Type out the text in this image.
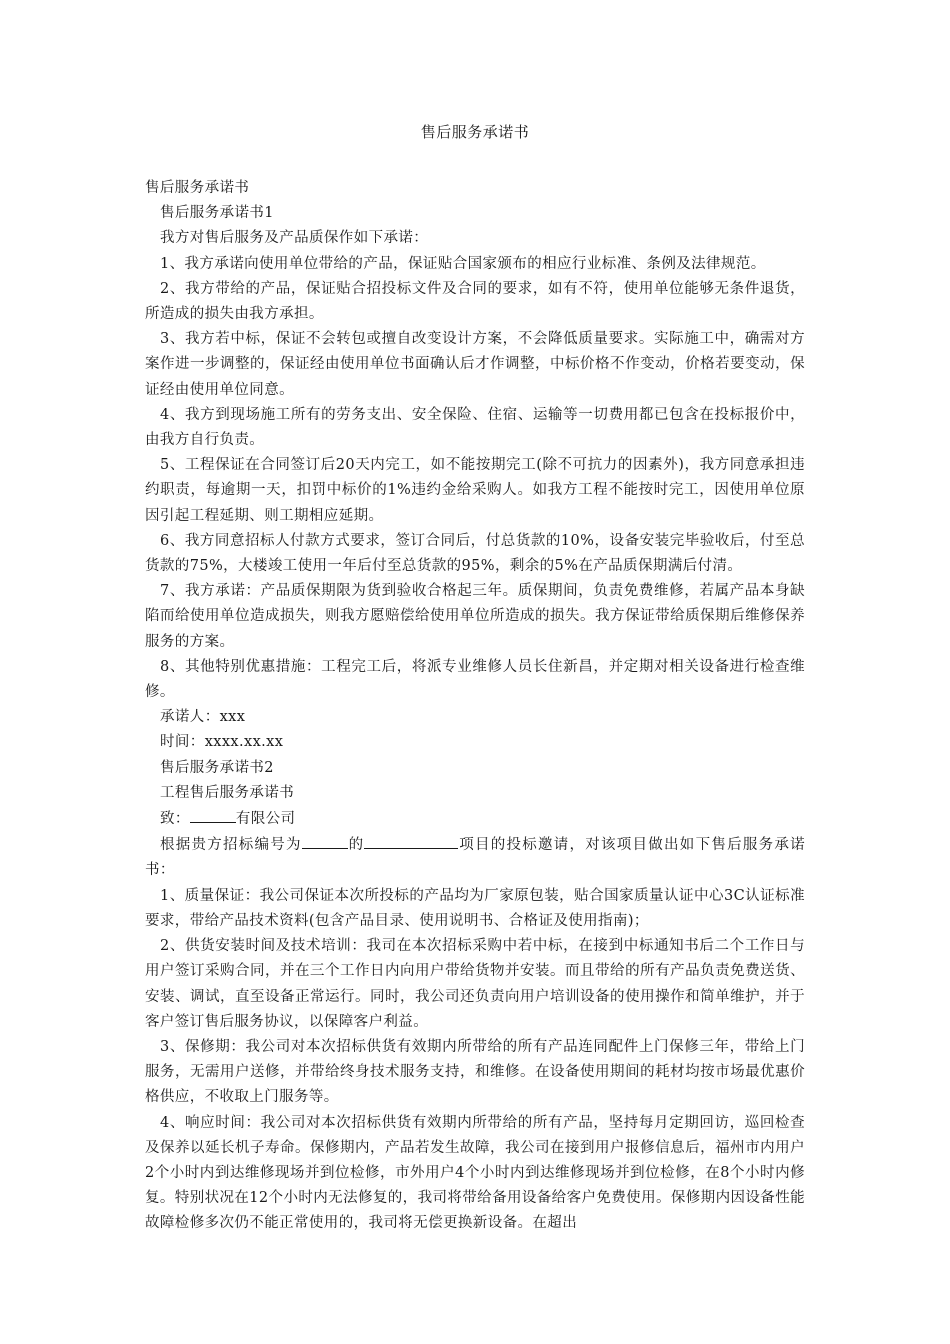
售后服务承诺书

售后服务承诺书

售后服务承诺书1

我方对售后服务及产品质保作如下承诺：

1、我方承诺向使用单位带给的产品，保证贴合国家颁布的相应行业标准、条例及法律规范。

2、我方带给的产品，保证贴合招投标文件及合同的要求，如有不符，使用单位能够无条件退货，所造成的损失由我方承担。

3、我方若中标，保证不会转包或擅自改变设计方案，不会降低质量要求。实际施工中，确需对方案作进一步调整的，保证经由使用单位书面确认后才作调整，中标价格不作变动，价格若要变动，保证经由使用单位同意。

4、我方到现场施工所有的劳务支出、安全保险、住宿、运输等一切费用都已包含在投标报价中，由我方自行负责。

5、工程保证在合同签订后20天内完工，如不能按期完工(除不可抗力的因素外)，我方同意承担违约职责，每逾期一天，扣罚中标价的1%违约金给采购人。如我方工程不能按时完工，因使用单位原因引起工程延期、则工期相应延期。

6、我方同意招标人付款方式要求，签订合同后，付总货款的10%，设备安装完毕验收后，付至总货款的75%，大楼竣工使用一年后付至总货款的95%，剩余的5%在产品质保期满后付清。

7、我方承诺：产品质保期限为货到验收合格起三年。质保期间，负责免费维修，若属产品本身缺陷而给使用单位造成损失，则我方愿赔偿给使用单位所造成的损失。我方保证带给质保期后维修保养服务的方案。

8、其他特别优惠措施：工程完工后，将派专业维修人员长住新昌，并定期对相关设备进行检查维修。

承诺人：xxx

时间：xxxx.xx.xx

售后服务承诺书2

工程售后服务承诺书

致：	有限公司

根据贵方招标编号为	的	项目的投标邀请，对该项目做出如下售后服务承诺书：

1、质量保证：我公司保证本次所投标的产品均为厂家原包装，贴合国家质量认证中心3C认证标准要求，带给产品技术资料(包含产品目录、使用说明书、合格证及使用指南)；

2、供货安装时间及技术培训：我司在本次招标采购中若中标，在接到中标通知书后二个工作日与用户签订采购合同，并在三个工作日内向用户带给货物并安装。而且带给的所有产品负责免费送货、安装、调试，直至设备正常运行。同时，我公司还负责向用户培训设备的使用操作和简单维护，并于客户签订售后服务协议，以保障客户利益。

3、保修期：我公司对本次招标供货有效期内所带给的所有产品连同配件上门保修三年，带给上门服务，无需用户送修，并带给终身技术服务支持，和维修。在设备使用期间的耗材均按市场最优惠价格供应，不收取上门服务等。

4、响应时间：我公司对本次招标供货有效期内所带给的所有产品，坚持每月定期回访，巡回检查及保养以延长机子寿命。保修期内，产品若发生故障，我公司在接到用户报修信息后，福州市内用户2个小时内到达维修现场并到位检修，市外用户4个小时内到达维修现场并到位检修，在8个小时内修复。特别状况在12个小时内无法修复的，我司将带给备用设备给客户免费使用。保修期内因设备性能故障检修多次仍不能正常使用的，我司将无偿更换新设备。在超出
